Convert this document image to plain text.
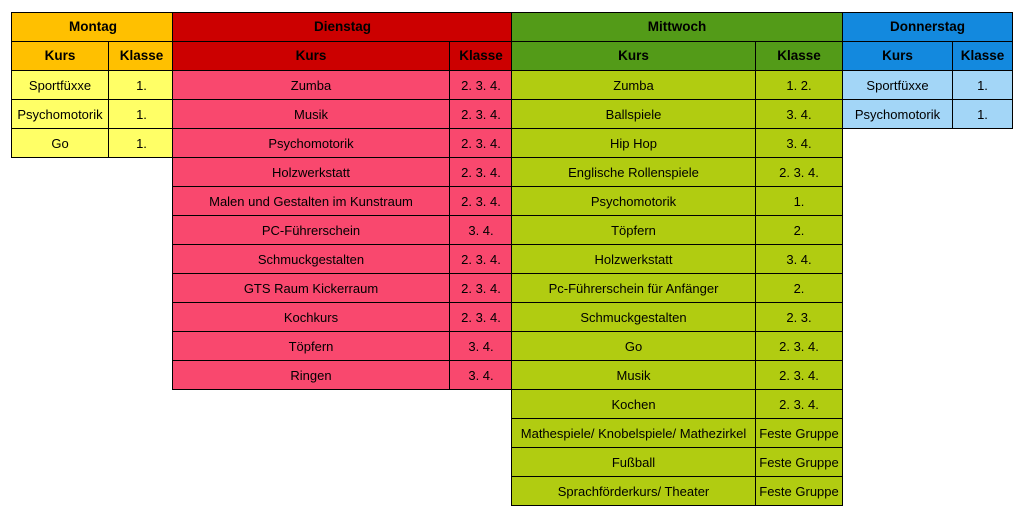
Montag	
Kurs	Klasse
Sportfüxxe	1.
Psychomotorik	1.
Go	1.
Dienstag	
Kurs	Klasse
Zumba	2. 3. 4.
Musik	2. 3. 4.
Psychomotorik	2. 3. 4.
Holzwerkstatt	2. 3. 4.
Malen und Gestalten im Kunstraum	2. 3. 4.
PC-Führerschein	3. 4.
Schmuckgestalten	2. 3. 4.
GTS Raum Kickerraum	2. 3. 4.
Kochkurs	2. 3. 4.
Töpfern	3. 4.
Ringen	3. 4.
Mittwoch	
Kurs	Klasse
Zumba	1. 2.
Ballspiele	3. 4.
Hip Hop	3. 4.
Englische Rollenspiele	2. 3. 4.
Psychomotorik	1.
Töpfern	2.
Holzwerkstatt	3. 4.
Pc-Führerschein für Anfänger	2.
Schmuckgestalten	2. 3.
Go	2. 3. 4.
Musik	2. 3. 4.
Kochen	2. 3. 4.
Mathespiele/ Knobelspiele/ Mathezirkel	Feste Gruppe
Fußball	Feste Gruppe
Sprachförderkurs/ Theater	Feste Gruppe
Donnerstag	
Kurs	Klasse
Sportfüxxe	1.
Psychomotorik	1.
